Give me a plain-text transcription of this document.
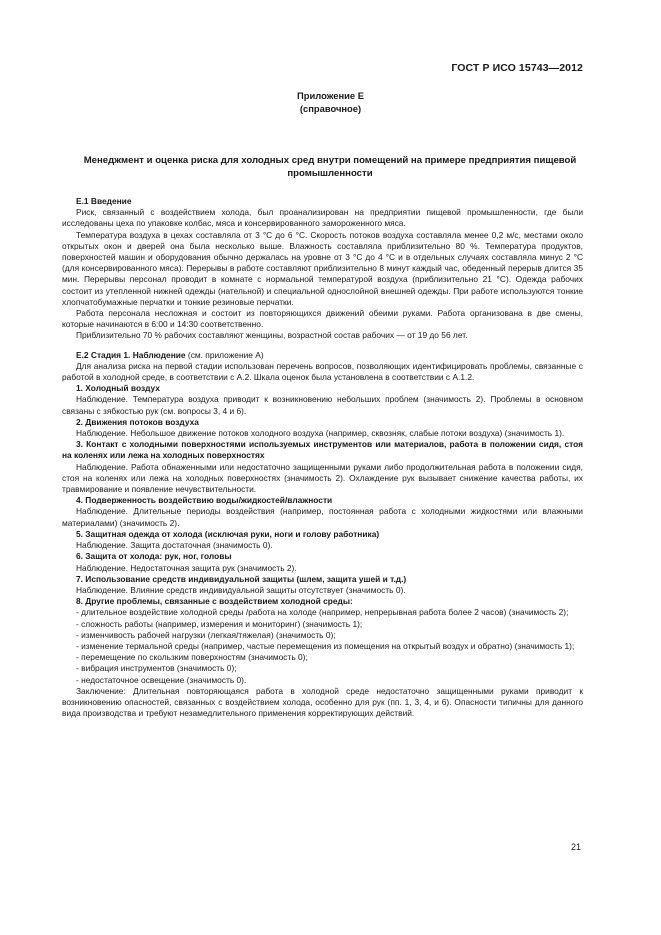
ГОСТ Р ИСО 15743—2012
Приложение Е
(справочное)
Менеджмент и оценка риска для холодных сред внутри помещений на примере предприятия пищевой промышленности

Е.1 Введение

Риск, связанный с воздействием холода, был проанализирован на предприятии пищевой промышленности, где были исследованы цеха по упаковке колбас, мяса и консервированного замороженного мяса.

Температура воздуха в цехах составляла от 3 °С до 6 °С. Скорость потоков воздуха составляла менее 0,2 м/с, местами около открытых окон и дверей она была несколько выше. Влажность составляла приблизительно 80 %. Температура продуктов, поверхностей машин и оборудования обычно держалась на уровне от 3 °С до 4 °С и в отдельных случаях составляла минус 2 °С (для консервированного мяса). Перерывы в работе составляют приблизительно 8 минут каждый час, обеденный перерыв длится 35 мин. Перерывы персонал проводит в комнате с нормальной температурой воздуха (приблизительно 21 °С). Одежда рабочих состоит из утепленной нижней одежды (нательной) и специальной однослойной внешней одежды. При работе используются тонкие хлопчатобумажные перчатки и тонкие резиновые перчатки.

Работа персонала несложная и состоит из повторяющихся движений обеими руками. Работа организована в две смены, которые начинаются в 6:00 и 14:30 соответственно.

Приблизительно 70 % рабочих составляют женщины, возрастной состав рабочих — от 19 до 56 лет.

Е.2 Стадия 1. Наблюдение (см. приложение А)

Для анализа риска на первой стадии использован перечень вопросов, позволяющих идентифицировать проблемы, связанные с работой в холодной среде, в соответствии с А.2. Шкала оценок была установлена в соответствии с А.1.2.

1. Холодный воздух

Наблюдение. Температура воздуха приводит к возникновению небольших проблем (значимость 2). Проблемы в основном связаны с зябкостью рук (см. вопросы 3, 4 и 6).

2. Движения потоков воздуха

Наблюдение. Небольшое движение потоков холодного воздуха (например, сквозняк, слабые потоки воздуха) (значимость 1).

3. Контакт с холодными поверхностями используемых инструментов или материалов, работа в положении сидя, стоя на коленях или лежа на холодных поверхностях

Наблюдение. Работа обнаженными или недостаточно защищенными руками либо продолжительная работа в положении сидя, стоя на коленях или лежа на холодных поверхностях (значимость 2). Охлаждение рук вызывает снижение качества работы, их травмирование и появление нечувствительности.

4. Подверженность воздействию воды/жидкостей/влажности

Наблюдение. Длительные периоды воздействия (например, постоянная работа с холодными жидкостями или влажными материалами) (значимость 2).

5. Защитная одежда от холода (исключая руки, ноги и голову работника)

Наблюдение. Защита достаточная (значимость 0).

6. Защита от холода: рук, ног, головы

Наблюдение. Недостаточная защита рук (значимость 2).

7. Использование средств индивидуальной защиты (шлем, защита ушей и т.д.)

Наблюдение. Влияние средств индивидуальной защиты отсутствует (значимость 0).

8. Другие проблемы, связанные с воздействием холодной среды:

- длительное воздействие холодной среды /работа на холоде (например, непрерывная работа более 2 часов) (значимость 2);

- сложность работы (например, измерения и мониторинг) (значимость 1);

- изменчивость рабочей нагрузки (легкая/тяжелая) (значимость 0);

- изменение термальной среды (например, частые перемещения из помещения на открытый воздух и обратно) (значимость 1);

- перемещение по скользким поверхностям (значимость 0);

- вибрация инструментов (значимость 0);

- недостаточное освещение (значимость 0).

Заключение: Длительная повторяющаяся работа в холодной среде недостаточно защищенными руками приводит к возникновению опасностей, связанных с воздействием холода, особенно для рук (пп. 1, 3, 4, и 6). Опасности типичны для данного вида производства и требуют незамедлительного применения корректирующих действий.

21
